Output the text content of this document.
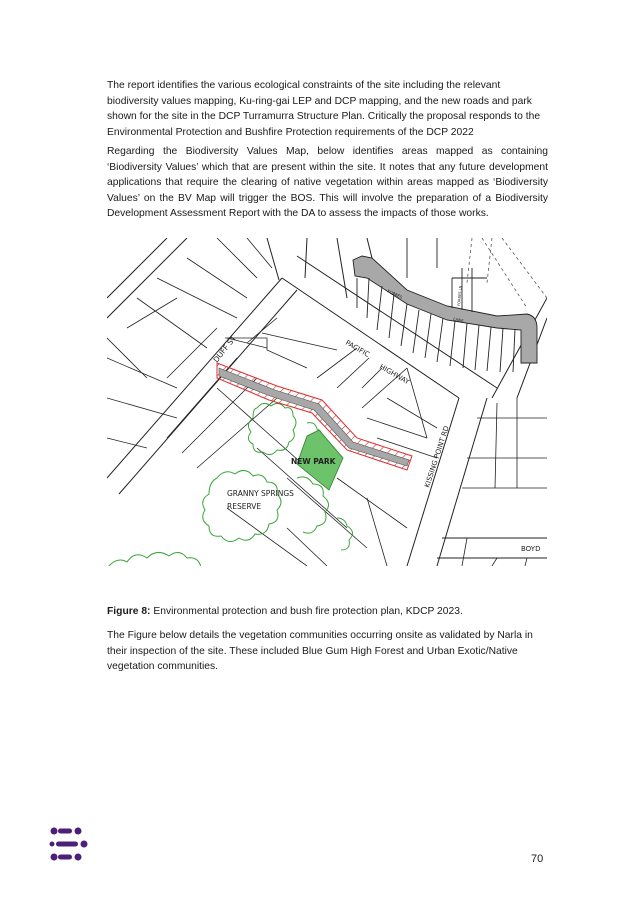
The report identifies the various ecological constraints of the site including the relevant biodiversity values mapping, Ku-ring-gai LEP and DCP mapping, and the new roads and park shown for the site in the DCP Turramurra Structure Plan. Critically the proposal responds to the Environmental Protection and Bushfire Protection requirements of the DCP 2022

Regarding the Biodiversity Values Map, below identifies areas mapped as containing ‘Biodiversity Values’ which that are present within the site. It notes that any future development applications that require the clearing of native vegetation within areas mapped as ‘Biodiversity Values’ on the BV Map will trigger the BOS. This will involve the preparation of a Biodiversity Development Assessment Report with the DA to assess the impacts of those works.

DUFF ST	PACIFIC
HIGHWAY
FORBES
LANE
FORBES LN
KISSING POINT RD
NEW PARK
GRANNY SPRINGS
RESERVE
BOYD

Figure 8: Environmental protection and bush fire protection plan, KDCP 2023.

The Figure below details the vegetation communities occurring onsite as validated by Narla in their inspection of the site. These included Blue Gum High Forest and Urban Exotic/Native vegetation communities.

70
